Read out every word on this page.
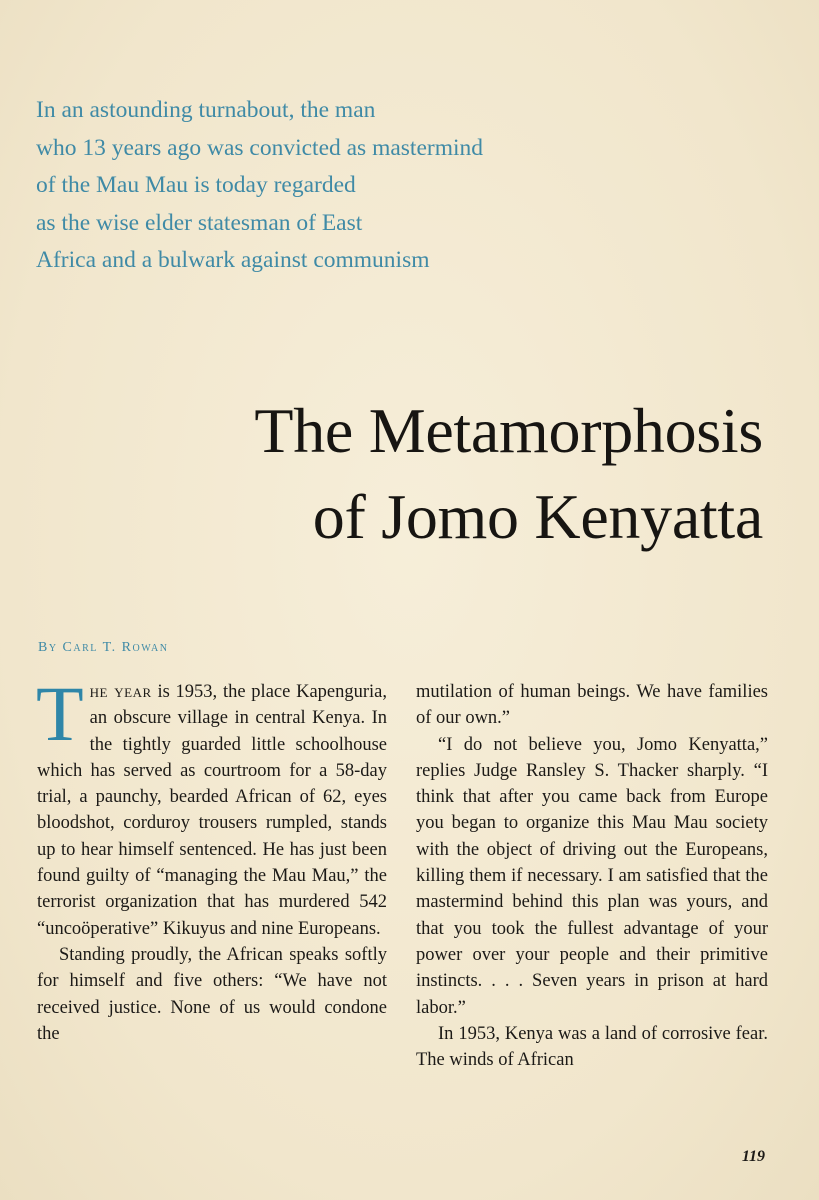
In an astounding turnabout, the man
who 13 years ago was convicted as mastermind
of the Mau Mau is today regarded
as the wise elder statesman of East
Africa and a bulwark against communism
The Metamorphosis
of Jomo Kenyatta
By Carl T. Rowan

The year is 1953, the place Kapenguria, an obscure village in central Kenya. In the tightly guarded little schoolhouse which has served as courtroom for a 58-day trial, a paunchy, bearded African of 62, eyes bloodshot, corduroy trousers rumpled, stands up to hear himself sentenced. He has just been found guilty of “managing the Mau Mau,” the terrorist organization that has murdered 542 “uncoöperative” Kikuyus and nine Europeans.

Standing proudly, the African speaks softly for himself and five others: “We have not received justice. None of us would condone the

mutilation of human beings. We have families of our own.”

“I do not believe you, Jomo Kenyatta,” replies Judge Ransley S. Thacker sharply. “I think that after you came back from Europe you began to organize this Mau Mau society with the object of driving out the Europeans, killing them if necessary. I am satisfied that the mastermind behind this plan was yours, and that you took the fullest advantage of your power over your people and their primitive instincts. . . . Seven years in prison at hard labor.”

In 1953, Kenya was a land of corrosive fear. The winds of African

119
